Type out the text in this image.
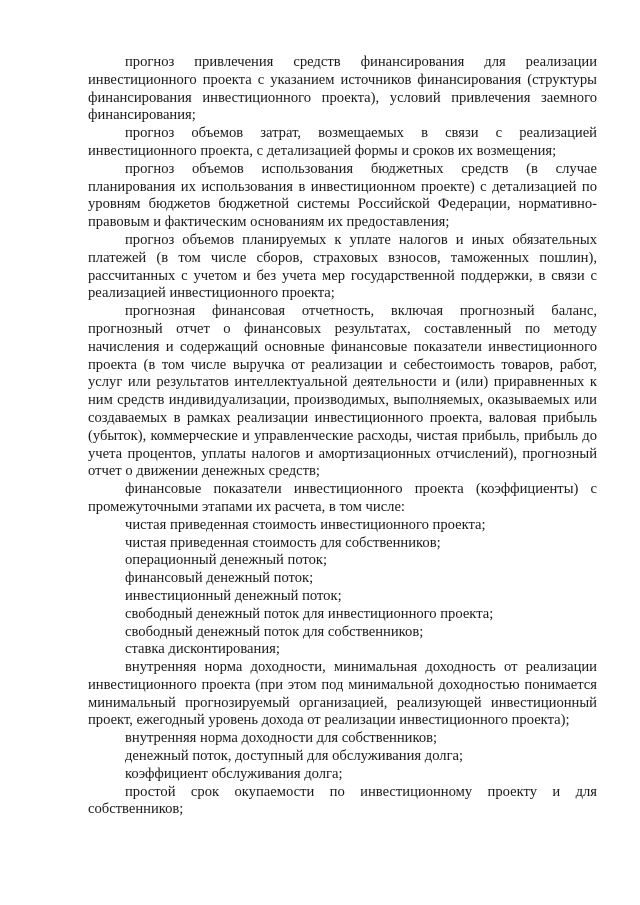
прогноз привлечения средств финансирования для реализации инвестиционного проекта с указанием источников финансирования (структуры финансирования инвестиционного проекта), условий привлечения заемного финансирования;

прогноз объемов затрат, возмещаемых в связи с реализацией инвестиционного проекта, с детализацией формы и сроков их возмещения;

прогноз объемов использования бюджетных средств (в случае планирования их использования в инвестиционном проекте) с детализацией по уровням бюджетов бюджетной системы Российской Федерации, нормативно-правовым и фактическим основаниям их предоставления;

прогноз объемов планируемых к уплате налогов и иных обязательных платежей (в том числе сборов, страховых взносов, таможенных пошлин), рассчитанных с учетом и без учета мер государственной поддержки, в связи с реализацией инвестиционного проекта;

прогнозная финансовая отчетность, включая прогнозный баланс, прогнозный отчет о финансовых результатах, составленный по методу начисления и содержащий основные финансовые показатели инвестиционного проекта (в том числе выручка от реализации и себестоимость товаров, работ, услуг или результатов интеллектуальной деятельности и (или) приравненных к ним средств индивидуализации, производимых, выполняемых, оказываемых или создаваемых в рамках реализации инвестиционного проекта, валовая прибыль (убыток), коммерческие и управленческие расходы, чистая прибыль, прибыль до учета процентов, уплаты налогов и амортизационных отчислений), прогнозный отчет о движении денежных средств;

финансовые показатели инвестиционного проекта (коэффициенты) с промежуточными этапами их расчета, в том числе:

чистая приведенная стоимость инвестиционного проекта;

чистая приведенная стоимость для собственников;

операционный денежный поток;

финансовый денежный поток;

инвестиционный денежный поток;

свободный денежный поток для инвестиционного проекта;

свободный денежный поток для собственников;

ставка дисконтирования;

внутренняя норма доходности, минимальная доходность от реализации инвестиционного проекта (при этом под минимальной доходностью понимается минимальный прогнозируемый организацией, реализующей инвестиционный проект, ежегодный уровень дохода от реализации инвестиционного проекта);

внутренняя норма доходности для собственников;

денежный поток, доступный для обслуживания долга;

коэффициент обслуживания долга;

простой срок окупаемости по инвестиционному проекту и для собственников;
